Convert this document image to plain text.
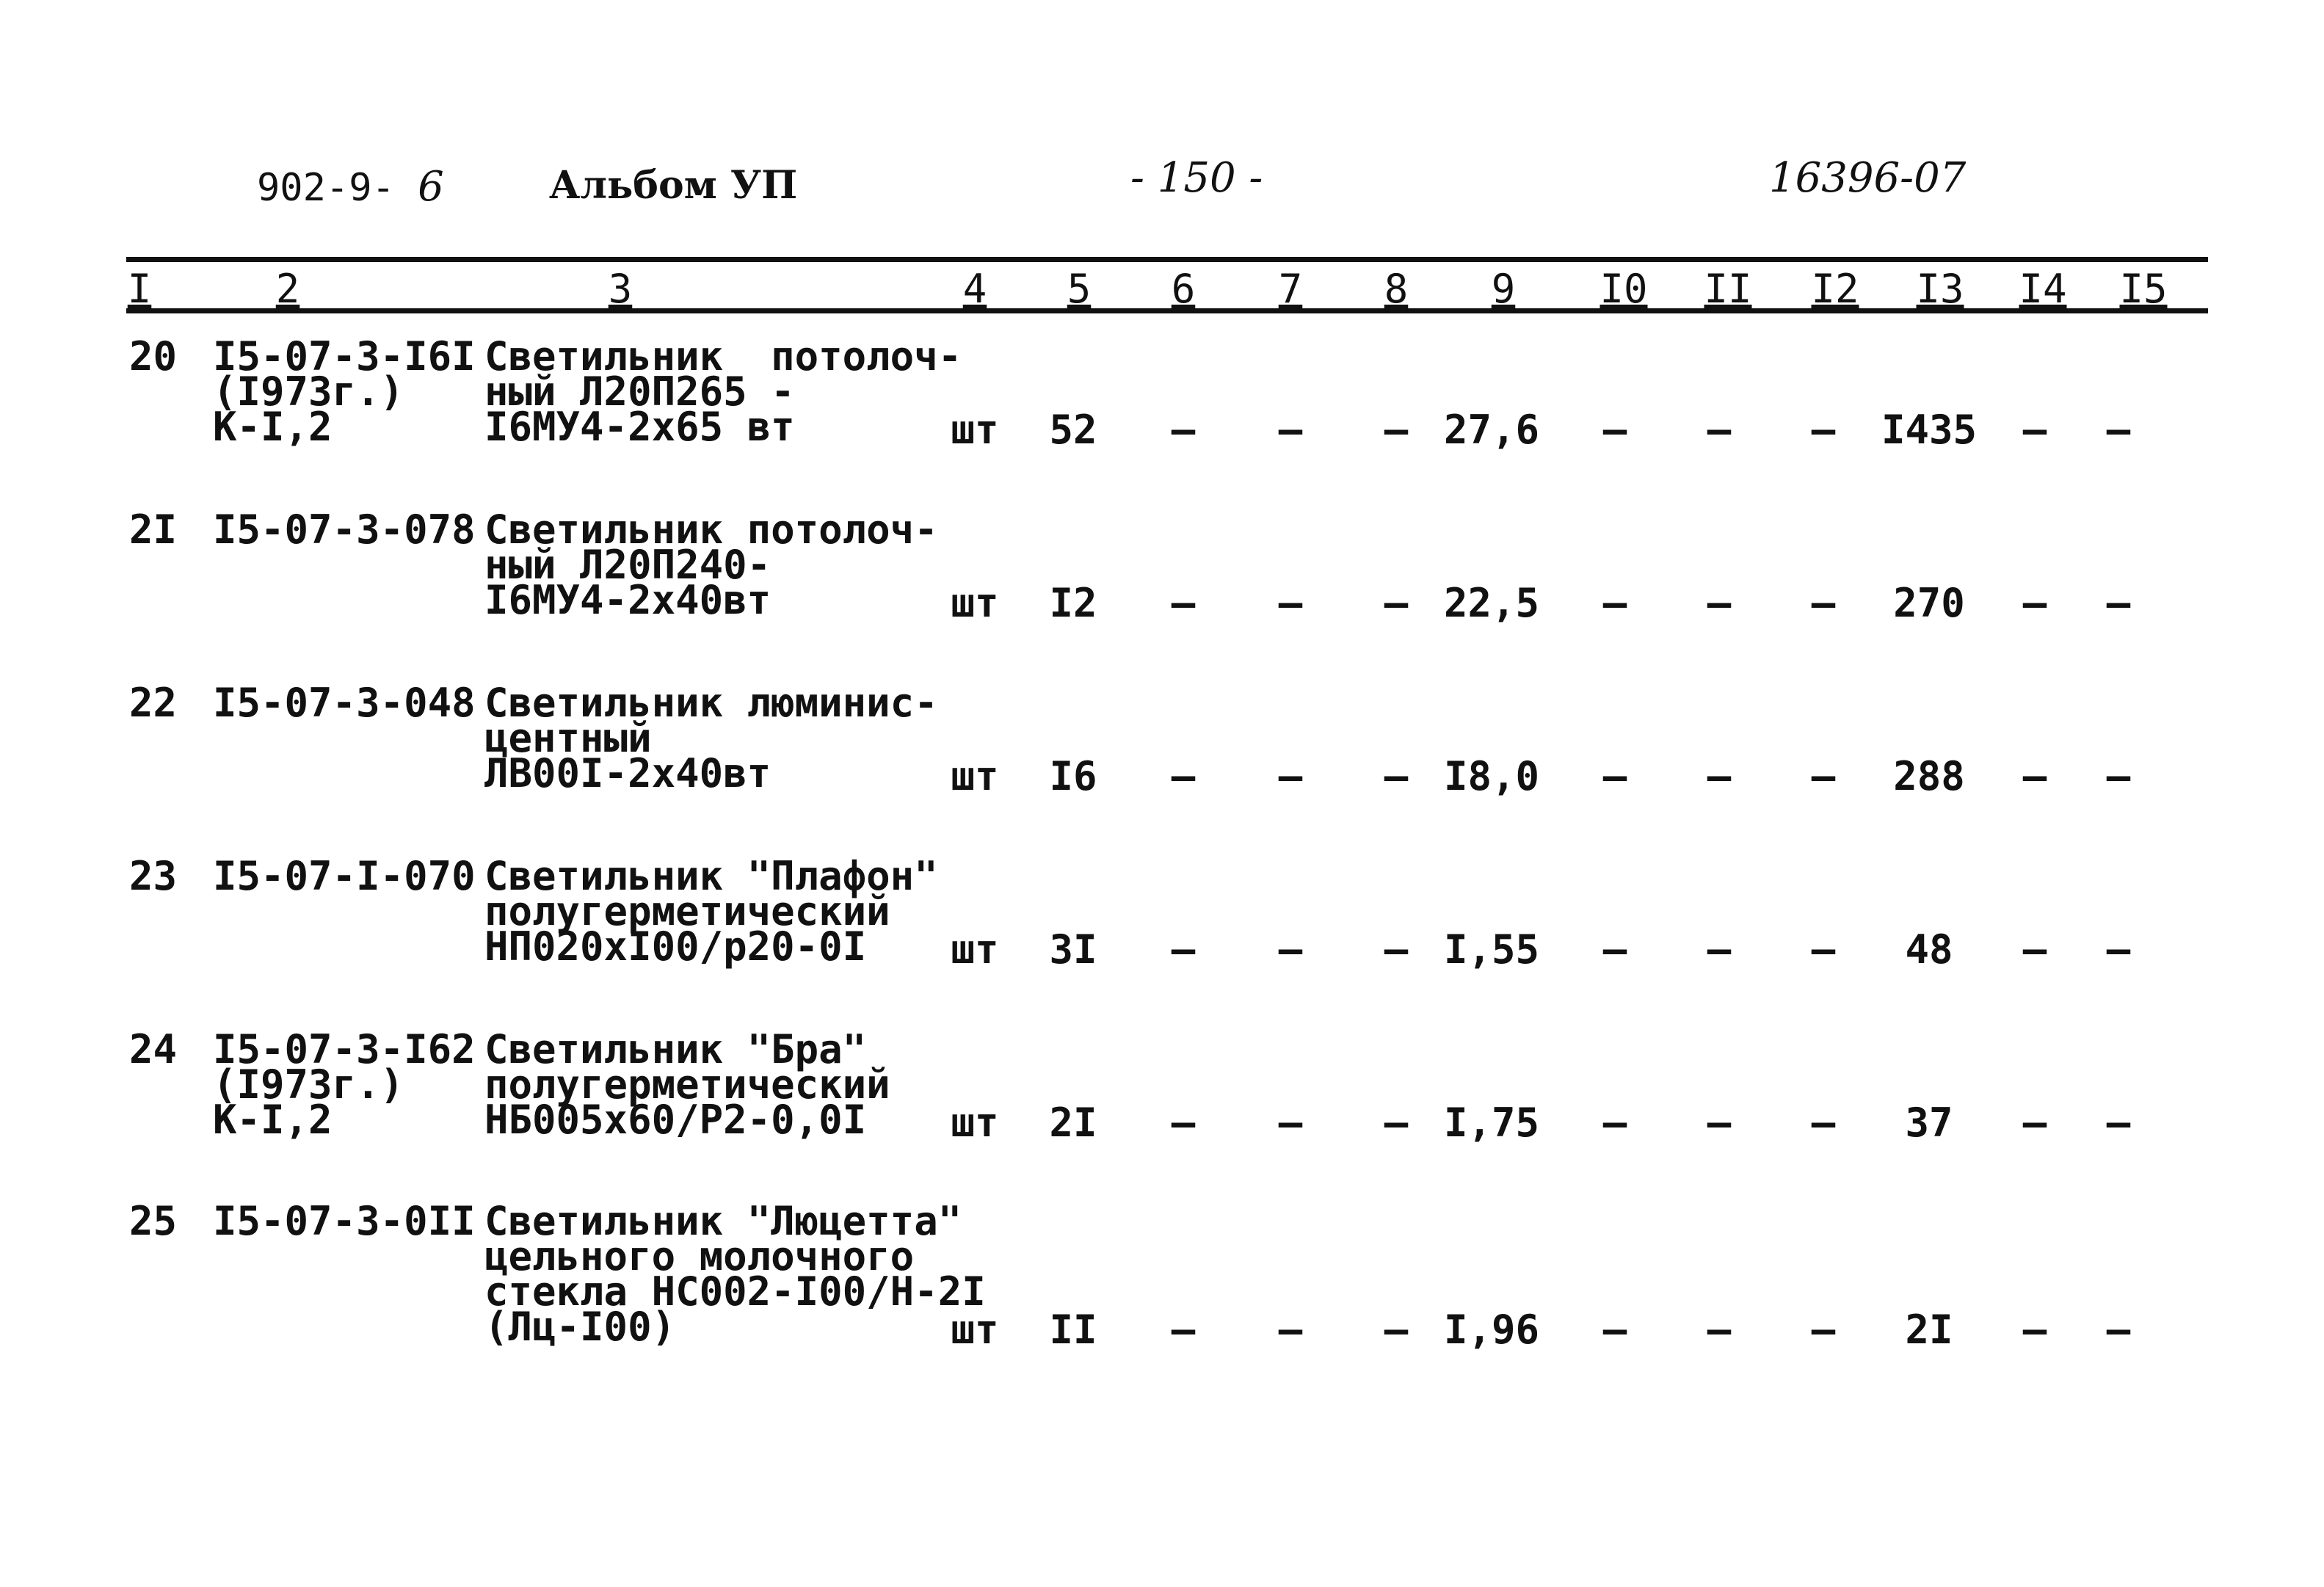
902-9- 6	Альбом УП	- 150 -	16396-07
I	2	3	4 5 6 7 8 9 I0 II I2 I3 I4 I5
20 I5-07-3-I6I
(I973г.)
К-I,2
Светильник  потолоч-
ный Л20П265 -
I6МУ4-2х65 вт	шт 52 – – – 27,6 – – – I435 – –
2I I5-07-3-078 Светильник потолоч-
ный Л20П240-
I6МУ4-2х40вт	шт I2 – – – 22,5 – – – 270 – –
22 I5-07-3-048 Светильник люминис-
центный
ЛВ00I-2х40вт	шт I6 – – – I8,0 – – – 288 – –
23 I5-07-I-070 Светильник "Плафон"
полугерметический
НП020хI00/р20-0I	шт 3I – – – I,55 – – – 48 – –
24 I5-07-3-I62
(I973г.)
К-I,2
Светильник "Бра"
полугерметический
НБ005х60/Р2-0,0I	шт 2I – – – I,75 – – – 37 – –
25 I5-07-3-0II Светильник "Люцетта"
цельного молочного
стекла НС002-I00/Н-2I
(Лц-I00)	шт II – – – I,96 – – – 2I – –
